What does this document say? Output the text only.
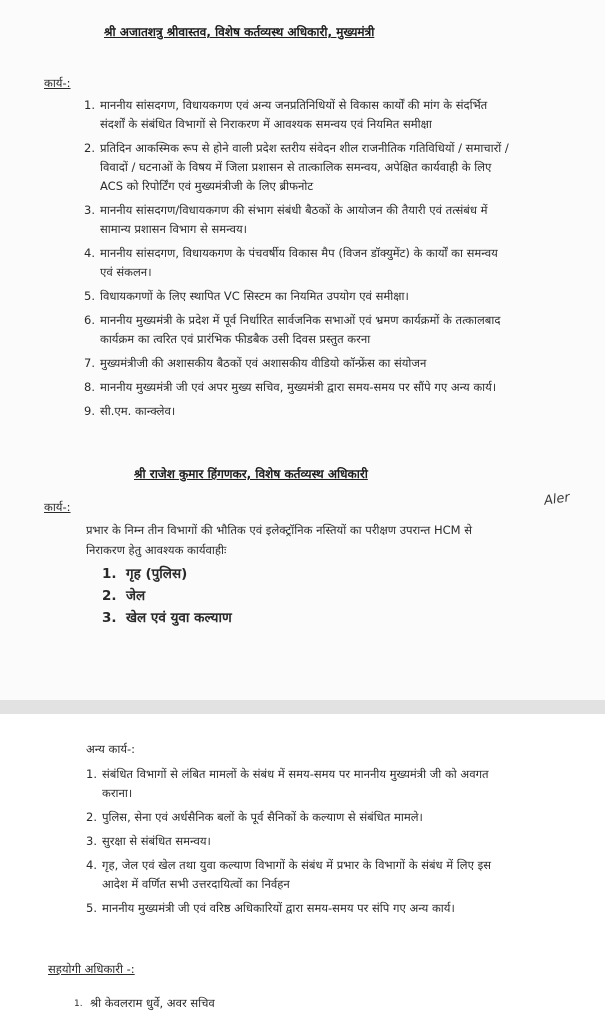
श्री अजातशत्रु श्रीवास्तव, विशेष कर्तव्यस्थ अधिकारी, मुख्यमंत्री
कार्य-:
1. माननीय सांसदगण, विधायकगण एवं अन्य जनप्रतिनिधियों से विकास कार्यों की मांग के संदर्भित संदर्शों के संबंधित विभागों से निराकरण में आवश्यक समन्वय एवं नियमित समीक्षा
2. प्रतिदिन आकस्मिक रूप से होने वाली प्रदेश स्तरीय संवेदन शील राजनीतिक गतिविधियों / समाचारों / विवादों / घटनाओं के विषय में जिला प्रशासन से तात्कालिक समन्वय, अपेक्षित कार्यवाही के लिए ACS को रिपोर्टिंग एवं मुख्यमंत्रीजी के लिए ब्रीफनोट
3. माननीय सांसदगण/विधायकगण की संभाग संबंधी बैठकों के आयोजन की तैयारी एवं तत्संबंध में सामान्य प्रशासन विभाग से समन्वय।
4. माननीय सांसदगण, विधायकगण के पंचवर्षीय विकास मैप (विजन डॉक्युमेंट) के कार्यों का समन्वय एवं संकलन।
5. विधायकगणों के लिए स्थापित VC सिस्टम का नियमित उपयोग एवं समीक्षा।
6. माननीय मुख्यमंत्री के प्रदेश में पूर्व निर्धारित सार्वजनिक सभाओं एवं भ्रमण कार्यक्रमों के तत्कालबाद कार्यक्रम का त्वरित एवं प्रारंभिक फीडबैक उसी दिवस प्रस्तुत करना
7. मुख्यमंत्रीजी की अशासकीय बैठकों एवं अशासकीय वीडियो कॉन्फ्रेंस का संयोजन
8. माननीय मुख्यमंत्री जी एवं अपर मुख्य सचिव, मुख्यमंत्री द्वारा समय-समय पर सौंपे गए अन्य कार्य।
9. सी.एम. कान्क्लेव।
श्री राजेश कुमार हिंगणकर, विशेष कर्तव्यस्थ अधिकारी
कार्य-:	Aler
प्रभार के निम्न तीन विभागों की भौतिक एवं इलेक्ट्रॉनिक नस्तियों का परीक्षण उपरान्त HCM से निराकरण हेतु आवश्यक कार्यवाहीः
1. गृह (पुलिस)
2. जेल
3. खेल एवं युवा कल्याण
अन्य कार्य-:
1. संबंधित विभागों से लंबित मामलों के संबंध में समय-समय पर माननीय मुख्यमंत्री जी को अवगत कराना।
2. पुलिस, सेना एवं अर्धसैनिक बलों के पूर्व सैनिकों के कल्याण से संबंधित मामले।
3. सुरक्षा से संबंधित समन्वय।
4. गृह, जेल एवं खेल तथा युवा कल्याण विभागों के संबंध में प्रभार के विभागों के संबंध में लिए इस आदेश में वर्णित सभी उत्तरदायित्वों का निर्वहन
5. माननीय मुख्यमंत्री जी एवं वरिष्ठ अधिकारियों द्वारा समय-समय पर संपि गए अन्य कार्य।
सहयोगी अधिकारी -:
1. श्री केवलराम धुर्वे, अवर सचिव
